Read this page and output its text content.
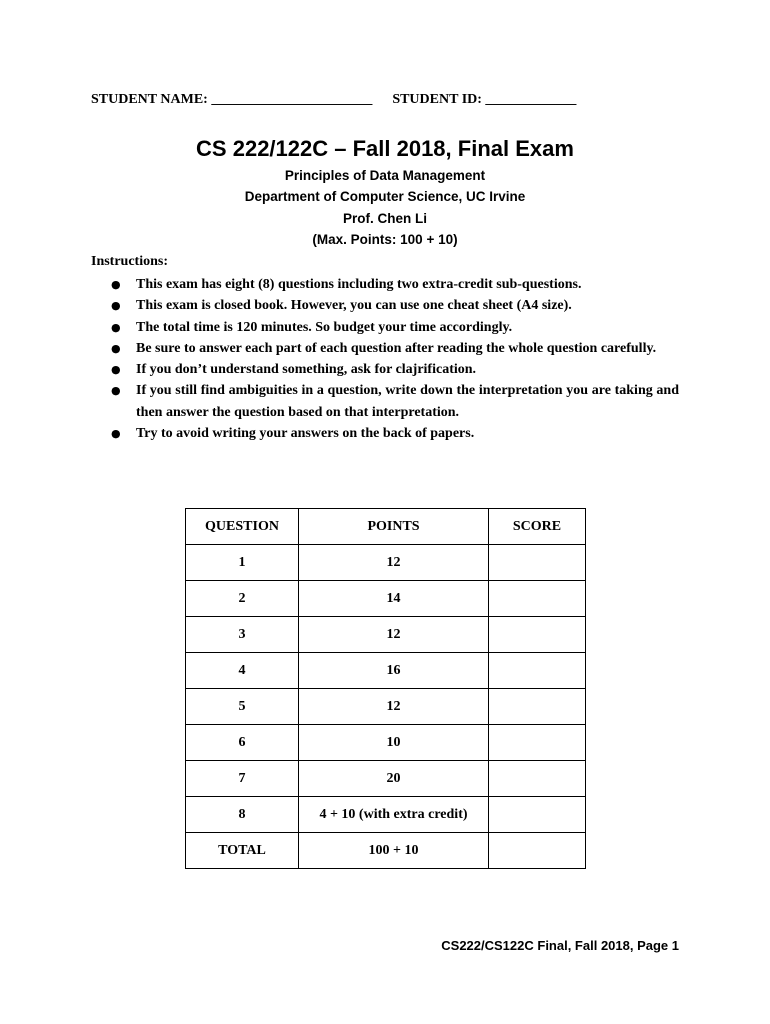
STUDENT NAME: _______________________ STUDENT ID: _____________
CS 222/122C – Fall 2018, Final Exam
Principles of Data Management
Department of Computer Science, UC Irvine
Prof. Chen Li
(Max. Points: 100 + 10)
Instructions:
● This exam has eight (8) questions including two extra-credit sub-questions.
● This exam is closed book. However, you can use one cheat sheet (A4 size).
● The total time is 120 minutes. So budget your time accordingly.
● Be sure to answer each part of each question after reading the whole question carefully.
● If you don’t understand something, ask for clajrification.
● If you still find ambiguities in a question, write down the interpretation you are taking and then answer the question based on that interpretation.
● Try to avoid writing your answers on the back of papers.
QUESTION	POINTS	SCORE
1	12	
2	14	
3	12	
4	16	
5	12	
6	10	
7	20	
8	4 + 10 (with extra credit)	
TOTAL	100 + 10	
CS222/CS122C Final, Fall 2018, Page 1
